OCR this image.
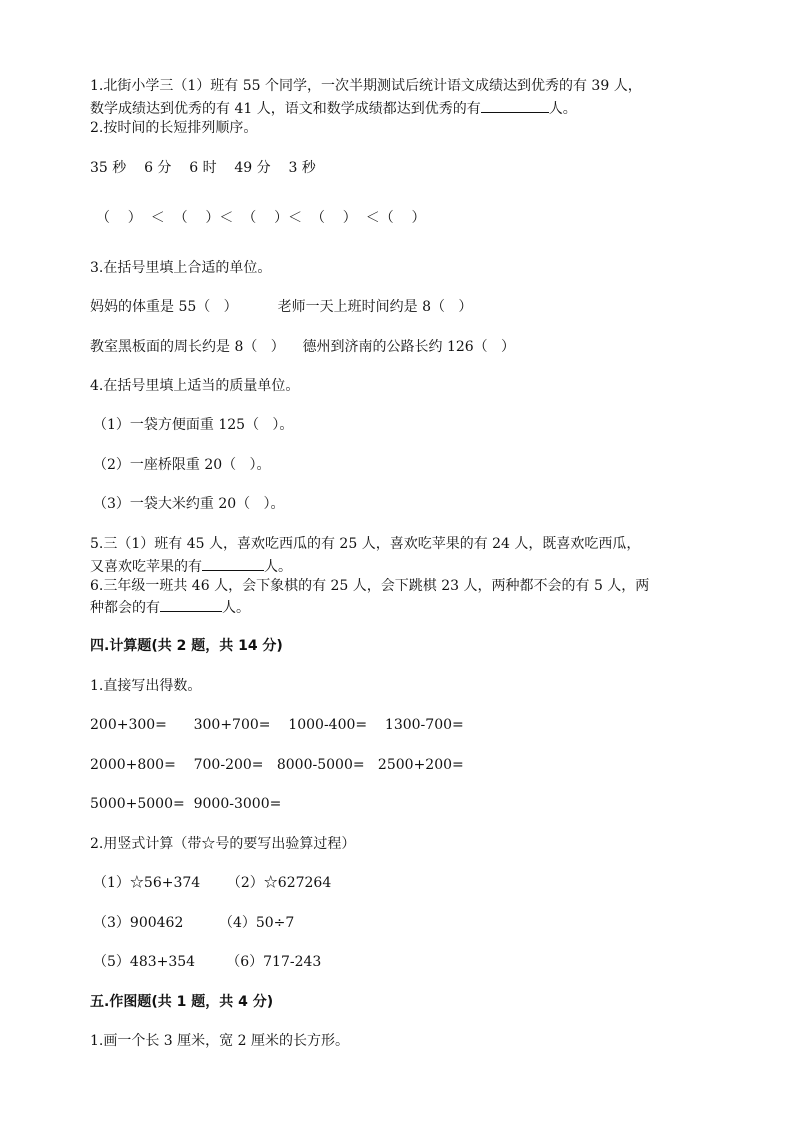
1.北街小学三（1）班有 55 个同学，一次半期测试后统计语文成绩达到优秀的有 39 人，
数学成绩达到优秀的有 41 人，语文和数学成绩都达到优秀的有	人。
2.按时间的长短排列顺序。
35 秒    6 分    6 时    49 分    3 秒
（    ）  ＜  （    ）＜  （    ）＜  （    ）  ＜（    ）
3.在括号里填上合适的单位。
妈妈的体重是 55（   ）         老师一天上班时间约是 8（   ）
教室黑板面的周长约是 8（   ）    德州到济南的公路长约 126（   ）
4.在括号里填上适当的质量单位。
（1）一袋方便面重 125（   ）。
（2）一座桥限重 20（   ）。
（3）一袋大米约重 20（   ）。
5.三（1）班有 45 人，喜欢吃西瓜的有 25 人，喜欢吃苹果的有 24 人，既喜欢吃西瓜，
又喜欢吃苹果的有	人。
6.三年级一班共 46 人，会下象棋的有 25 人，会下跳棋 23 人，两种都不会的有 5 人，两
种都会的有	人。
四.计算题(共 2 题，共 14 分)
1.直接写出得数。
200+300=      300+700=    1000-400=    1300-700=
2000+800=    700-200=   8000-5000=   2500+200=
5000+5000=  9000-3000=
2.用竖式计算（带☆号的要写出验算过程）
（1）☆56+374      （2）☆627264
（3）900462        （4）50÷7
（5）483+354       （6）717-243
五.作图题(共 1 题，共 4 分)
1.画一个长 3 厘米，宽 2 厘米的长方形。
